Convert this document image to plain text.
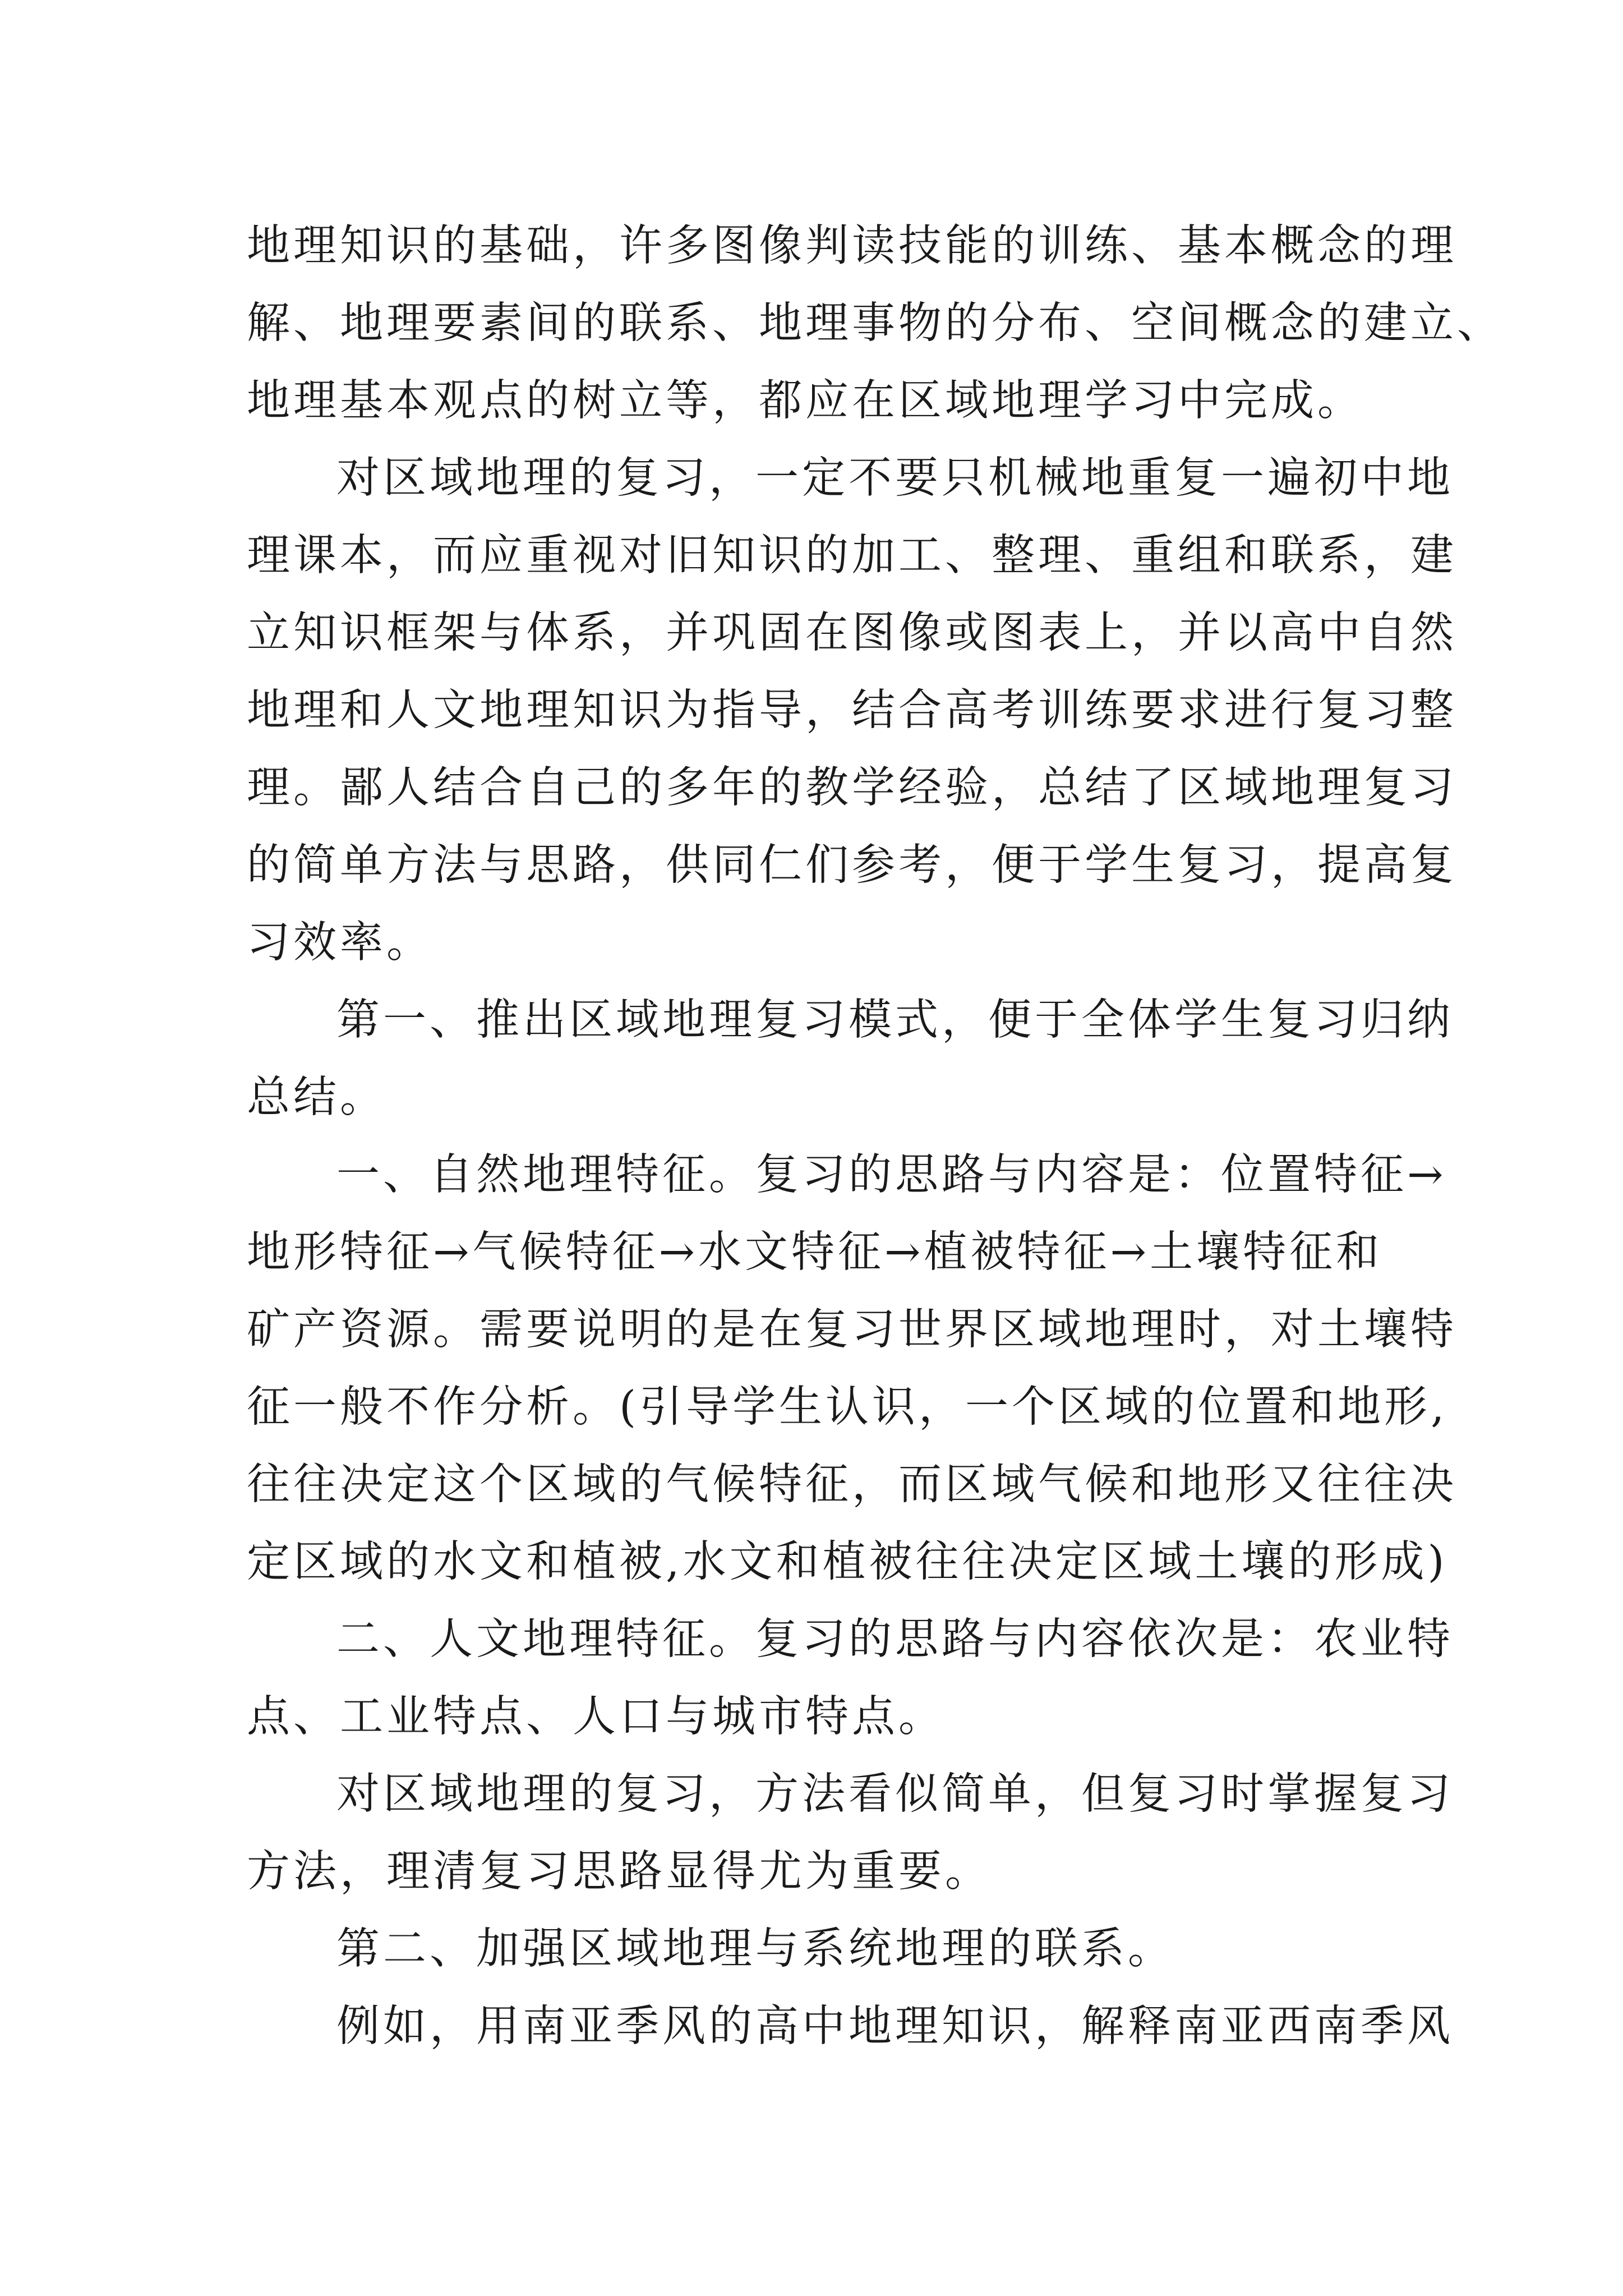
地理知识的基础，许多图像判读技能的训练、基本概念的理
解、地理要素间的联系、地理事物的分布、空间概念的建立、
地理基本观点的树立等，都应在区域地理学习中完成。
对区域地理的复习，一定不要只机械地重复一遍初中地
理课本，而应重视对旧知识的加工、整理、重组和联系，建
立知识框架与体系，并巩固在图像或图表上，并以高中自然
地理和人文地理知识为指导，结合高考训练要求进行复习整
理。鄙人结合自己的多年的教学经验，总结了区域地理复习
的简单方法与思路，供同仁们参考，便于学生复习，提高复
习效率。
第一、推出区域地理复习模式，便于全体学生复习归纳
总结。
一、自然地理特征。复习的思路与内容是：位置特征→
地形特征→气候特征→水文特征→植被特征→土壤特征和
矿产资源。需要说明的是在复习世界区域地理时，对土壤特
征一般不作分析。(引导学生认识，一个区域的位置和地形,
往往决定这个区域的气候特征，而区域气候和地形又往往决
定区域的水文和植被,水文和植被往往决定区域土壤的形成)
二、人文地理特征。复习的思路与内容依次是：农业特
点、工业特点、人口与城市特点。
对区域地理的复习，方法看似简单，但复习时掌握复习
方法，理清复习思路显得尤为重要。
第二、加强区域地理与系统地理的联系。
例如，用南亚季风的高中地理知识，解释南亚西南季风
